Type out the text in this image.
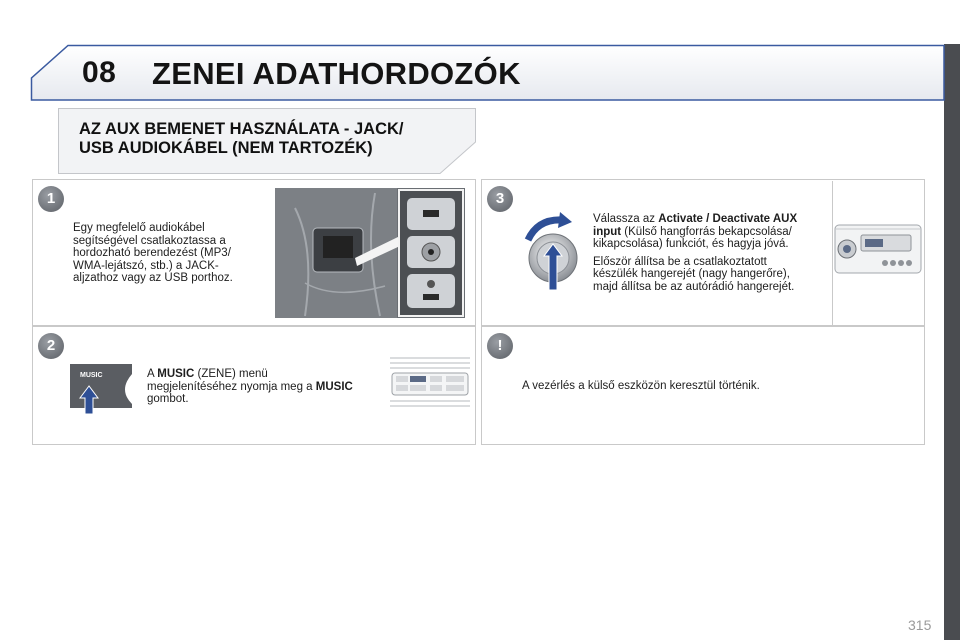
08 ZENEI ADATHORDOZÓK
AZ AUX BEMENET HASZNÁLATA - JACK/
USB AUDIOKÁBEL (NEM TARTOZÉK)
1
Egy megfelelő audiokábel
segítségével csatlakoztassa a
hordozható berendezést (MP3/
WMA-lejátszó, stb.) a JACK-
aljzathoz vagy az USB porthoz.
2
MUSIC	A MUSIC (ZENE) menü
megjelenítéséhez nyomja meg a MUSIC
gombot.
3
Válassza az Activate / Deactivate AUX
input (Külső hangforrás bekapcsolása/
kikapcsolása) funkciót, és hagyja jóvá.
Először állítsa be a csatlakoztatott
készülék hangerejét (nagy hangerőre),
majd állítsa be az autórádió hangerejét.
!
A vezérlés a külső eszközön keresztül történik.
315
